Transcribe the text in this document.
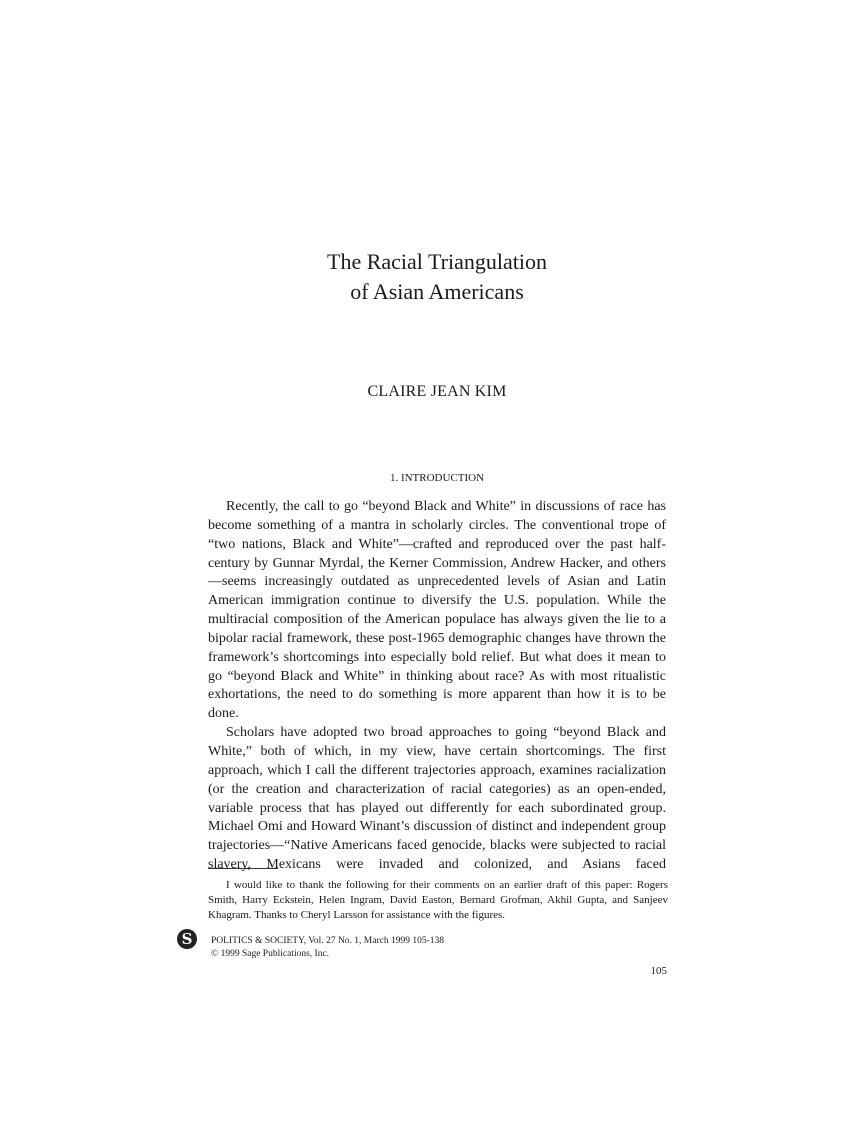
The Racial Triangulation
of Asian Americans
CLAIRE JEAN KIM
1. INTRODUCTION

Recently, the call to go “beyond Black and White” in discussions of race has become something of a mantra in scholarly circles. The conventional trope of “two nations, Black and White”—crafted and reproduced over the past half-century by Gunnar Myrdal, the Kerner Commission, Andrew Hacker, and others—seems increasingly outdated as unprecedented levels of Asian and Latin American immigration continue to diversify the U.S. population. While the multiracial composition of the American populace has always given the lie to a bipolar racial framework, these post-1965 demographic changes have thrown the framework’s shortcomings into especially bold relief. But what does it mean to go “beyond Black and White” in thinking about race? As with most ritualistic exhortations, the need to do something is more apparent than how it is to be done.

Scholars have adopted two broad approaches to going “beyond Black and White,” both of which, in my view, have certain shortcomings. The first approach, which I call the different trajectories approach, examines racialization (or the creation and characterization of racial categories) as an open-ended, variable process that has played out differently for each subordinated group. Michael Omi and Howard Winant’s discussion of distinct and independent group trajectories—“Native Americans faced genocide, blacks were subjected to racial slavery, Mexicans were invaded and colonized, and Asians faced

I would like to thank the following for their comments on an earlier draft of this paper: Rogers Smith, Harry Eckstein, Helen Ingram, David Easton, Bernard Grofman, Akhil Gupta, and Sanjeev Khagram. Thanks to Cheryl Larsson for assistance with the figures.

S	POLITICS & SOCIETY, Vol. 27 No. 1, March 1999 105-138
© 1999 Sage Publications, Inc.
105
